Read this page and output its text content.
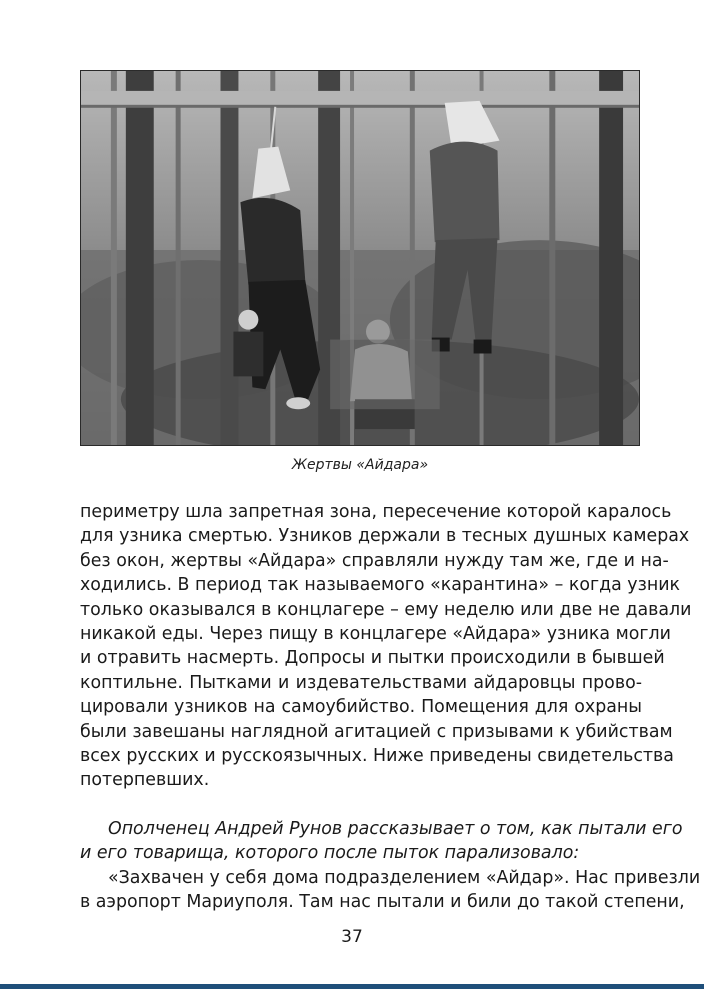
Жертвы «Айдара»
периметру шла запретная зона, пересечение которой каралось
для узника смертью. Узников держали в тесных душных камерах
без окон, жертвы «Айдара» справляли нужду там же, где и на-
ходились. В период так называемого «карантина» – когда узник
только оказывался в концлагере – ему неделю или две не давали
никакой еды. Через пищу в концлагере «Айдара» узника могли
и отравить насмерть. Допросы и пытки происходили в бывшей
коптильне. Пытками и издевательствами айдаровцы прово-
цировали узников на самоубийство. Помещения для охраны
были завешаны наглядной агитацией с призывами к убийствам
всех русских и русскоязычных. Ниже приведены свидетельства
потерпевших.
Ополченец Андрей Рунов рассказывает о том, как пытали его
и его товарища, которого после пыток парализовало:
«Захвачен у себя дома подразделением «Айдар». Нас привезли
в аэропорт Мариуполя. Там нас пытали и били до такой степени,
37
